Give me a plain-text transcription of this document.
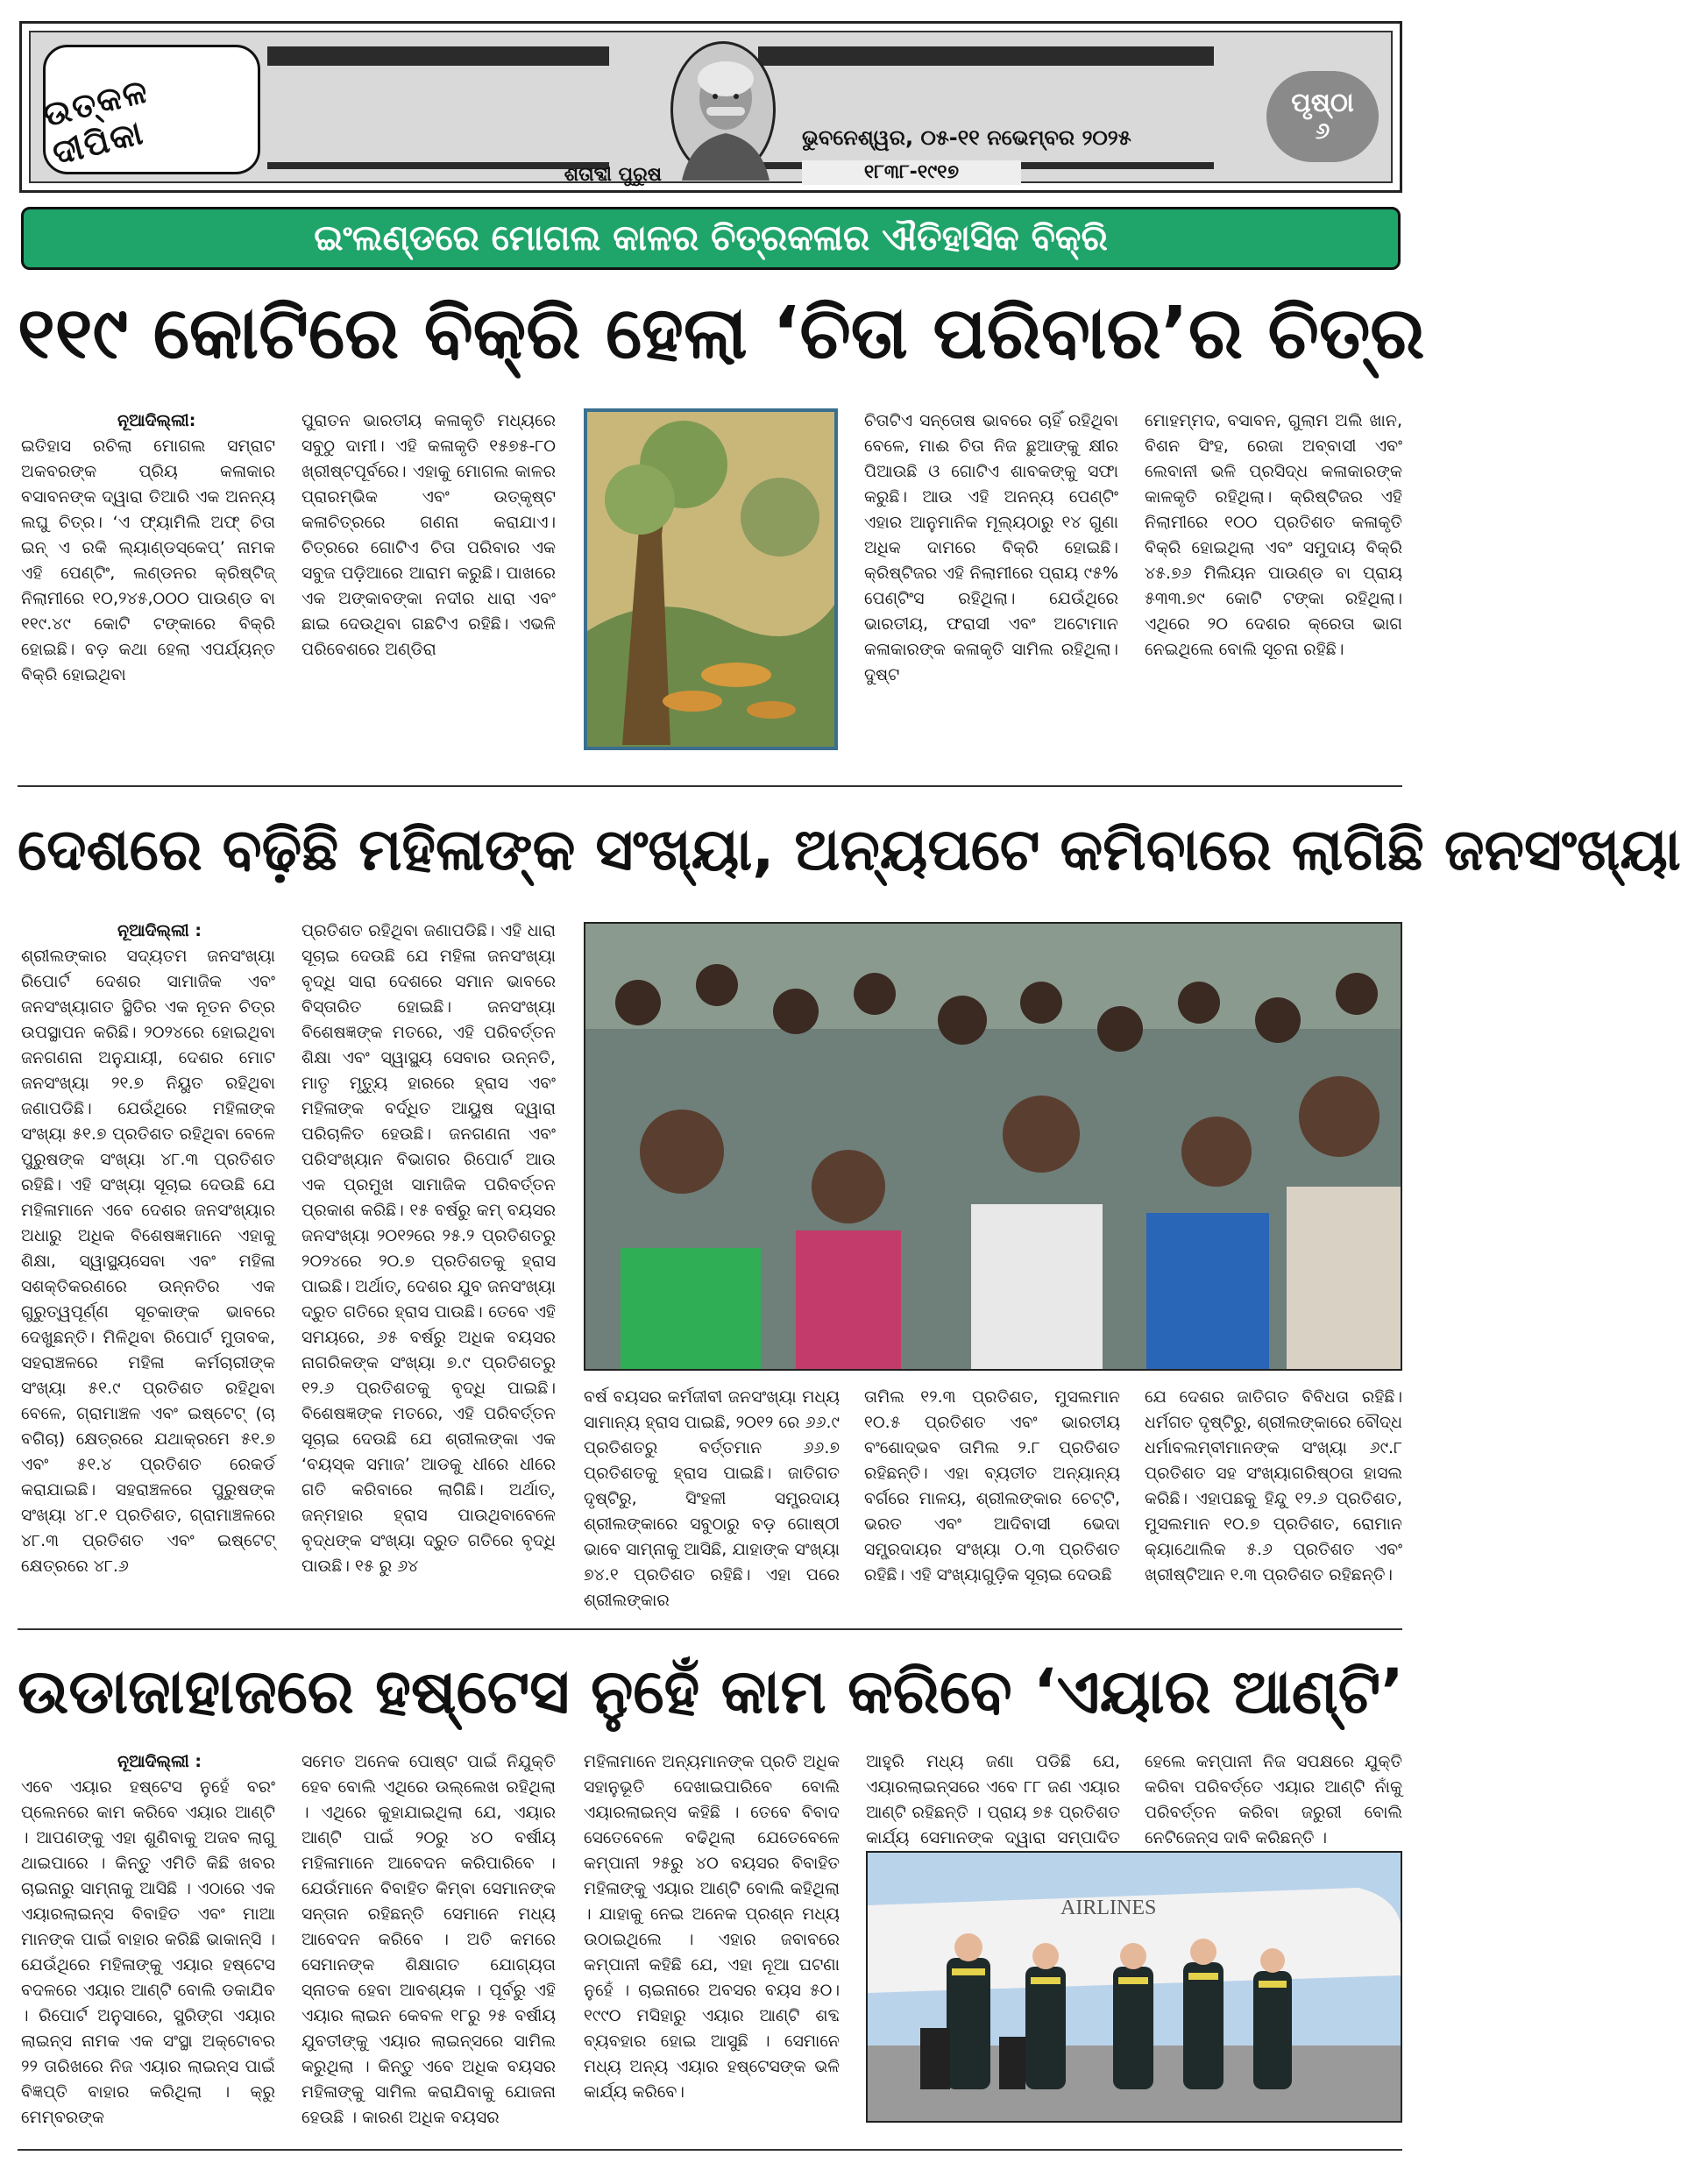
ଉତ୍କଳ ଦୀପିକା
ଶତାବ୍ଦୀ ପୁରୁଷ
ଭୁବନେଶ୍ୱର, ୦୫-୧୧ ନଭେମ୍ବର ୨୦୨୫
୧୮୩୮-୧୯୧୭
ପୃଷ୍ଠା
୬
ଇଂଲଣ୍ଡରେ ମୋଗଲ କାଳର ଚିତ୍ରକଳାର ଐତିହାସିକ ବିକ୍ରି
୧୧୯ କୋଟିରେ ବିକ୍ରି ହେଲା ‘ଚିତା ପରିବାର’ର ଚିତ୍ର
ନୂଆଦିଲ୍ଲୀ:
ଇତିହାସ ରଚିଲା ମୋଗଲ ସମ୍ରାଟ ଅକବରଙ୍କ ପ୍ରିୟ କଳାକାର ବସାବନଙ୍କ ଦ୍ୱାରା ତିଆରି ଏକ ଅନନ୍ୟ ଲଘୁ ଚିତ୍ର। ‘ଏ ଫ୍ୟାମିଲି ଅଫ୍ ଚିତା ଇନ୍ ଏ ରକି ଲ୍ୟାଣ୍ଡସ୍କେପ୍’ ନାମକ ଏହି ପେଣ୍ଟିଂ, ଲଣ୍ଡନର କ୍ରିଷ୍ଟିଜ୍ ନିଲାମୀରେ ୧୦,୨୪୫,୦୦୦ ପାଉଣ୍ଡ ବା ୧୧୯.୪୯ କୋଟି ଟଙ୍କାରେ ବିକ୍ରି ହୋଇଛି। ବଡ଼ କଥା ହେଲା ଏପର୍ଯ୍ୟନ୍ତ ବିକ୍ରି ହୋଇଥିବା
ପୁରାତନ ଭାରତୀୟ କଳାକୃତି ମଧ୍ୟରେ ସବୁଠୁ ଦାମୀ। ଏହି କଳାକୃତି ୧୫୭୫-୮୦ ଖ୍ରୀଷ୍ଟପୂର୍ବରେ। ଏହାକୁ ମୋଗଲ କାଳର ପ୍ରାରମ୍ଭିକ ଏବଂ ଉତ୍କୃଷ୍ଟ କଳାଚିତ୍ରରେ ଗଣନା କରାଯାଏ। ଚିତ୍ରରେ ଗୋଟିଏ ଚିତା ପରିବାର ଏକ ସବୁଜ ପଡ଼ିଆରେ ଆରାମ କରୁଛି। ପାଖରେ ଏକ ଅଙ୍କାବଙ୍କା ନଦୀର ଧାରା ଏବଂ ଛାଇ ଦେଉଥିବା ଗଛଟିଏ ରହିଛି। ଏଭଳି ପରିବେଶରେ ଅଣ୍ଡିରା
ଚିତାଟିଏ ସନ୍ତୋଷ ଭାବରେ ଚାହିଁ ରହିଥିବା ବେଳେ, ମାଈ ଚିତା ନିଜ ଛୁଆଙ୍କୁ କ୍ଷୀର ପିଆଉଛି ଓ ଗୋଟିଏ ଶାବକଙ୍କୁ ସଫା କରୁଛି। ଆଉ ଏହି ଅନନ୍ୟ ପେଣ୍ଟିଂ ଏହାର ଆନୁମାନିକ ମୂଲ୍ୟଠାରୁ ୧୪ ଗୁଣା ଅଧିକ ଦାମରେ ବିକ୍ରି ହୋଇଛି। କ୍ରିଷ୍ଟିଜର ଏହି ନିଲାମୀରେ ପ୍ରାୟ ୯୫% ପେଣ୍ଟିଂସ ରହିଥିଲା। ଯେଉଁଥିରେ ଭାରତୀୟ, ଫରାସୀ ଏବଂ ଅଟୋମାନ କଳାକାରଙ୍କ କଳାକୃତି ସାମିଲ ରହିଥିଲା। ଦୁଷ୍ଟ
ମୋହମ୍ମଦ, ବସାବନ, ଗୁଲାମ ଅଲି ଖାନ, ବିଶନ ସିଂହ, ରେଜା ଅବ୍ବାସୀ ଏବଂ ଲେବାନୀ ଭଳି ପ୍ରସିଦ୍ଧ କଳାକାରଙ୍କ କାଳକୃତି ରହିଥିଲା। କ୍ରିଷ୍ଟିଜର ଏହି ନିଲାମୀରେ ୧୦୦ ପ୍ରତିଶତ କଳାକୃତି ବିକ୍ରି ହୋଇଥିଲା ଏବଂ ସମୁଦାୟ ବିକ୍ରି ୪୫.୭୬ ମିଲିୟନ ପାଉଣ୍ଡ ବା ପ୍ରାୟ ୫୩୩.୭୯ କୋଟି ଟଙ୍କା ରହିଥିଲା। ଏଥିରେ ୨୦ ଦେଶର କ୍ରେତା ଭାଗ ନେଇଥିଲେ ବୋଲି ସୂଚନା ରହିଛି।
ଦେଶରେ ବଢ଼ିଛି ମହିଳାଙ୍କ ସଂଖ୍ୟା, ଅନ୍ୟପଟେ କମିବାରେ ଲାଗିଛି ଜନସଂଖ୍ୟା
ନୂଆଦିଲ୍ଲୀ :
ଶ୍ରୀଲଙ୍କାର ସଦ୍ୟତମ ଜନସଂଖ୍ୟା ରିପୋର୍ଟ ଦେଶର ସାମାଜିକ ଏବଂ ଜନସଂଖ୍ୟାଗତ ସ୍ଥିତିର ଏକ ନୂତନ ଚିତ୍ର ଉପସ୍ଥାପନ କରିଛି। ୨୦୨୪ରେ ହୋଇଥିବା ଜନଗଣନା ଅନୁଯାୟୀ, ଦେଶର ମୋଟ ଜନସଂଖ୍ୟା ୨୧.୭ ନିୟୁତ ରହିଥିବା ଜଣାପଡିଛି। ଯେଉଁଥିରେ ମହିଳାଙ୍କ ସଂଖ୍ୟା ୫୧.୭ ପ୍ରତିଶତ ରହିଥିବା ବେଳେ ପୁରୁଷଙ୍କ ସଂଖ୍ୟା ୪୮.୩ ପ୍ରତିଶତ ରହିଛି। ଏହି ସଂଖ୍ୟା ସୂଚାଇ ଦେଉଛି ଯେ ମହିଳାମାନେ ଏବେ ଦେଶର ଜନସଂଖ୍ୟାର ଅଧାରୁ ଅଧିକ ବିଶେଷଜ୍ଞମାନେ ଏହାକୁ ଶିକ୍ଷା, ସ୍ୱାସ୍ଥ୍ୟସେବା ଏବଂ ମହିଳା ସଶକ୍ତିକରଣରେ ଉନ୍ନତିର ଏକ ଗୁରୁତ୍ୱପୂର୍ଣ୍ଣ ସୂଚକାଙ୍କ ଭାବରେ ଦେଖୁଛନ୍ତି। ମିଳିଥିବା ରିପୋର୍ଟ ମୁତାବକ, ସହରାଞ୍ଚଳରେ ମହିଳା କର୍ମଚାରୀଙ୍କ ସଂଖ୍ୟା ୫୧.୯ ପ୍ରତିଶତ ରହିଥିବା ବେଳେ, ଗ୍ରାମାଞ୍ଚଳ ଏବଂ ଇଷ୍ଟେଟ୍ (ଚା ବଗିଚା) କ୍ଷେତ୍ରରେ ଯଥାକ୍ରମେ ୫୧.୭ ଏବଂ ୫୧.୪ ପ୍ରତିଶତ ରେକର୍ଡ କରାଯାଇଛି। ସହରାଞ୍ଚଳରେ ପୁରୁଷଙ୍କ ସଂଖ୍ୟା ୪୮.୧ ପ୍ରତିଶତ, ଗ୍ରାମାଞ୍ଚଳରେ ୪୮.୩ ପ୍ରତିଶତ ଏବଂ ଇଷ୍ଟେଟ୍ କ୍ଷେତ୍ରରେ ୪୮.୬
ପ୍ରତିଶତ ରହିଥିବା ଜଣାପଡିଛି। ଏହି ଧାରା ସୂଚାଇ ଦେଉଛି ଯେ ମହିଳା ଜନସଂଖ୍ୟା ବୃଦ୍ଧି ସାରା ଦେଶରେ ସମାନ ଭାବରେ ବିସ୍ତାରିତ ହୋଇଛି। ଜନସଂଖ୍ୟା ବିଶେଷଜ୍ଞଙ୍କ ମତରେ, ଏହି ପରିବର୍ତ୍ତନ ଶିକ୍ଷା ଏବଂ ସ୍ୱାସ୍ଥ୍ୟ ସେବାର ଉନ୍ନତି, ମାତୃ ମୃତ୍ୟୁ ହାରରେ ହ୍ରାସ ଏବଂ ମହିଳାଙ୍କ ବର୍ଦ୍ଧିତ ଆୟୁଷ ଦ୍ୱାରା ପରିଚାଳିତ ହେଉଛି। ଜନଗଣନା ଏବଂ ପରିସଂଖ୍ୟାନ ବିଭାଗର ରିପୋର୍ଟ ଆଉ ଏକ ପ୍ରମୁଖ ସାମାଜିକ ପରିବର୍ତ୍ତନ ପ୍ରକାଶ କରିଛି। ୧୫ ବର୍ଷରୁ କମ୍ ବୟସର ଜନସଂଖ୍ୟା ୨୦୧୨ରେ ୨୫.୨ ପ୍ରତିଶତରୁ ୨୦୨୪ରେ ୨୦.୭ ପ୍ରତିଶତକୁ ହ୍ରାସ ପାଇଛି। ଅର୍ଥାତ୍, ଦେଶର ଯୁବ ଜନସଂଖ୍ୟା ଦ୍ରୁତ ଗତିରେ ହ୍ରାସ ପାଉଛି। ତେବେ ଏହି ସମୟରେ, ୬୫ ବର୍ଷରୁ ଅଧିକ ବୟସର ନାଗରିକଙ୍କ ସଂଖ୍ୟା ୭.୯ ପ୍ରତିଶତରୁ ୧୨.୬ ପ୍ରତିଶତକୁ ବୃଦ୍ଧି ପାଇଛି। ବିଶେଷଜ୍ଞଙ୍କ ମତରେ, ଏହି ପରିବର୍ତ୍ତନ ସୂଚାଇ ଦେଉଛି ଯେ ଶ୍ରୀଲଙ୍କା ଏକ ‘ବୟସ୍କ ସମାଜ’ ଆଡକୁ ଧୀରେ ଧୀରେ ଗତି କରିବାରେ ଲାଗିଛି। ଅର୍ଥାତ୍, ଜନ୍ମହାର ହ୍ରାସ ପାଉଥିବାବେଳେ ବୃଦ୍ଧଙ୍କ ସଂଖ୍ୟା ଦ୍ରୁତ ଗତିରେ ବୃଦ୍ଧି ପାଉଛି। ୧୫ ରୁ ୬୪
ବର୍ଷ ବୟସର କର୍ମଜୀବୀ ଜନସଂଖ୍ୟା ମଧ୍ୟ ସାମାନ୍ୟ ହ୍ରାସ ପାଇଛି, ୨୦୧୨ ରେ ୬୬.୯ ପ୍ରତିଶତରୁ ବର୍ତ୍ତମାନ ୬୬.୭ ପ୍ରତିଶତକୁ ହ୍ରାସ ପାଇଛି। ଜାତିଗତ ଦୃଷ୍ଟିରୁ, ସିଂହଳୀ ସମ୍ପ୍ରଦାୟ ଶ୍ରୀଲଙ୍କାରେ ସବୁଠାରୁ ବଡ଼ ଗୋଷ୍ଠୀ ଭାବେ ସାମ୍ନାକୁ ଆସିଛି, ଯାହାଙ୍କ ସଂଖ୍ୟା ୭୪.୧ ପ୍ରତିଶତ ରହିଛି। ଏହା ପରେ ଶ୍ରୀଲଙ୍କାର
ତାମିଲ ୧୨.୩ ପ୍ରତିଶତ, ମୁସଲମାନ ୧୦.୫ ପ୍ରତିଶତ ଏବଂ ଭାରତୀୟ ବଂଶୋଦ୍ଭବ ତାମିଲ ୨.୮ ପ୍ରତିଶତ ରହିଛନ୍ତି। ଏହା ବ୍ୟତୀତ ଅନ୍ୟାନ୍ୟ ବର୍ଗରେ ମାଳୟ, ଶ୍ରୀଲଙ୍କାର ଚେଟ୍ଟି, ଭରତ ଏବଂ ଆଦିବାସୀ ଭେଦା ସମ୍ପ୍ରଦାୟର ସଂଖ୍ୟା ୦.୩ ପ୍ରତିଶତ ରହିଛି। ଏହି ସଂଖ୍ୟାଗୁଡ଼ିକ ସୂଚାଇ ଦେଉଛି
ଯେ ଦେଶର ଜାତିଗତ ବିବିଧତା ରହିଛି। ଧର୍ମଗତ ଦୃଷ୍ଟିରୁ, ଶ୍ରୀଲଙ୍କାରେ ବୌଦ୍ଧ ଧର୍ମାବଲମ୍ବୀମାନଙ୍କ ସଂଖ୍ୟା ୬୯.୮ ପ୍ରତିଶତ ସହ ସଂଖ୍ୟାଗରିଷ୍ଠତା ହାସଲ କରିଛି। ଏହାପଛକୁ ହିନ୍ଦୁ ୧୨.୬ ପ୍ରତିଶତ, ମୁସଲମାନ ୧୦.୭ ପ୍ରତିଶତ, ରୋମାନ କ୍ୟାଥୋଲିକ ୫.୬ ପ୍ରତିଶତ ଏବଂ ଖ୍ରୀଷ୍ଟିଆନ ୧.୩ ପ୍ରତିଶତ ରହିଛନ୍ତି।
ଉଡାଜାହାଜରେ ହଷ୍ଟେସ ନୁହେଁ କାମ କରିବେ ‘ଏୟାର ଆଣ୍ଟି’
ନୂଆଦିଲ୍ଲୀ :
ଏବେ ଏୟାର ହଷ୍ଟେସ ନୁହେଁ ବରଂ ପ୍ଲେନରେ କାମ କରିବେ ଏୟାର ଆଣ୍ଟି । ଆପଣଙ୍କୁ ଏହା ଶୁଣିବାକୁ ଅଜବ ଲାଗୁ ଥାଇପାରେ । କିନ୍ତୁ ଏମିତି କିଛି ଖବର ଚାଇନାରୁ ସାମ୍ନାକୁ ଆସିଛି । ଏଠାରେ ଏକ ଏୟାରଲାଇନ୍ସ ବିବାହିତ ଏବଂ ମାଆ ମାନଙ୍କ ପାଇଁ ବାହାର କରିଛି ଭାକାନ୍ସି । ଯେଉଁଥିରେ ମହିଳାଙ୍କୁ ଏୟାର ହଷ୍ଟେସ ବଦଳରେ ଏୟାର ଆଣ୍ଟି ବୋଲି ଡକାଯିବ । ରିପୋର୍ଟ ଅନୁସାରେ, ସ୍ପ୍ରିଙ୍ଗ ଏୟାର ଲାଇନ୍ସ ନାମକ ଏକ ସଂସ୍ଥା ଅକ୍ଟୋବର ୨୨ ତାରିଖରେ ନିଜ ଏୟାର ଲାଇନ୍ସ ପାଇଁ ବିଜ୍ଞପ୍ତି ବାହାର କରିଥିଲା । କ୍ରୁ ମେମ୍ବରଙ୍କ
ସମେତ ଅନେକ ପୋଷ୍ଟ ପାଇଁ ନିଯୁକ୍ତି ହେବ ବୋଲି ଏଥିରେ ଉଲ୍ଲେଖ ରହିଥିଲା । ଏଥିରେ କୁହାଯାଇଥିଲା ଯେ, ଏୟାର ଆଣ୍ଟି ପାଇଁ ୨୦ରୁ ୪୦ ବର୍ଷୀୟ ମହିଳାମାନେ ଆବେଦନ କରିପାରିବେ । ଯେଉଁମାନେ ବିବାହିତ କିମ୍ବା ସେମାନଙ୍କ ସନ୍ତାନ ରହିଛନ୍ତି ସେମାନେ ମଧ୍ୟ ଆବେଦନ କରିବେ । ଅତି କମରେ ସେମାନଙ୍କ ଶିକ୍ଷାଗତ ଯୋଗ୍ୟତା ସ୍ନାତକ ହେବା ଆବଶ୍ୟକ । ପୂର୍ବରୁ ଏହି ଏୟାର ଲାଇନ କେବଳ ୧୮ରୁ ୨୫ ବର୍ଷୀୟ ଯୁବତୀଙ୍କୁ ଏୟାର ଲାଇନ୍ସରେ ସାମିଲ କରୁଥିଲା । କିନ୍ତୁ ଏବେ ଅଧିକ ବୟସର ମହିଳାଙ୍କୁ ସାମିଲ କରାଯିବାକୁ ଯୋଜନା ହେଉଛି । କାରଣ ଅଧିକ ବୟସର
ମହିଳାମାନେ ଅନ୍ୟମାନଙ୍କ ପ୍ରତି ଅଧିକ ସହାନୁଭୂତି ଦେଖାଇପାରିବେ ବୋଲି ଏୟାରଲାଇନ୍ସ କହିଛି । ତେବେ ବିବାଦ ସେତେବେଳେ ବଢିଥିଲା ଯେତେବେଳେ କମ୍ପାନୀ ୨୫ରୁ ୪୦ ବୟସର ବିବାହିତ ମହିଳାଙ୍କୁ ଏୟାର ଆଣ୍ଟି ବୋଲି କହିଥିଲା । ଯାହାକୁ ନେଇ ଅନେକ ପ୍ରଶ୍ନ ମଧ୍ୟ ଉଠାଇଥିଲେ । ଏହାର ଜବାବରେ କମ୍ପାନୀ କହିଛି ଯେ, ଏହା ନୂଆ ଘଟଣା ନୁହେଁ । ଚାଇନାରେ ଅବସର ବୟସ ୫୦। ୧୯୯୦ ମସିହାରୁ ଏୟାର ଆଣ୍ଟି ଶବ୍ଦ ବ୍ୟବହାର ହୋଇ ଆସୁଛି । ସେମାନେ ମଧ୍ୟ ଅନ୍ୟ ଏୟାର ହଷ୍ଟେସଙ୍କ ଭଳି କାର୍ଯ୍ୟ କରିବେ।
ଆହୁରି ମଧ୍ୟ ଜଣା ପଡିଛି ଯେ, ଏୟାରଲାଇନ୍ସରେ ଏବେ ୮୮ ଜଣ ଏୟାର ଆଣ୍ଟି ରହିଛନ୍ତି । ପ୍ରାୟ ୭୫ ପ୍ରତିଶତ କାର୍ଯ୍ୟ ସେମାନଙ୍କ ଦ୍ୱାରା ସମ୍ପାଦିତ
ହେଲେ କମ୍ପାନୀ ନିଜ ସପକ୍ଷରେ ଯୁକ୍ତି କରିବା ପରିବର୍ତ୍ତେ ଏୟାର ଆଣ୍ଟି ନାଁକୁ ପରିବର୍ତ୍ତନ କରିବା ଜରୁରୀ ବୋଲି ନେଟିଜେନ୍ସ ଦାବି କରିଛନ୍ତି ।
AIRLINES
